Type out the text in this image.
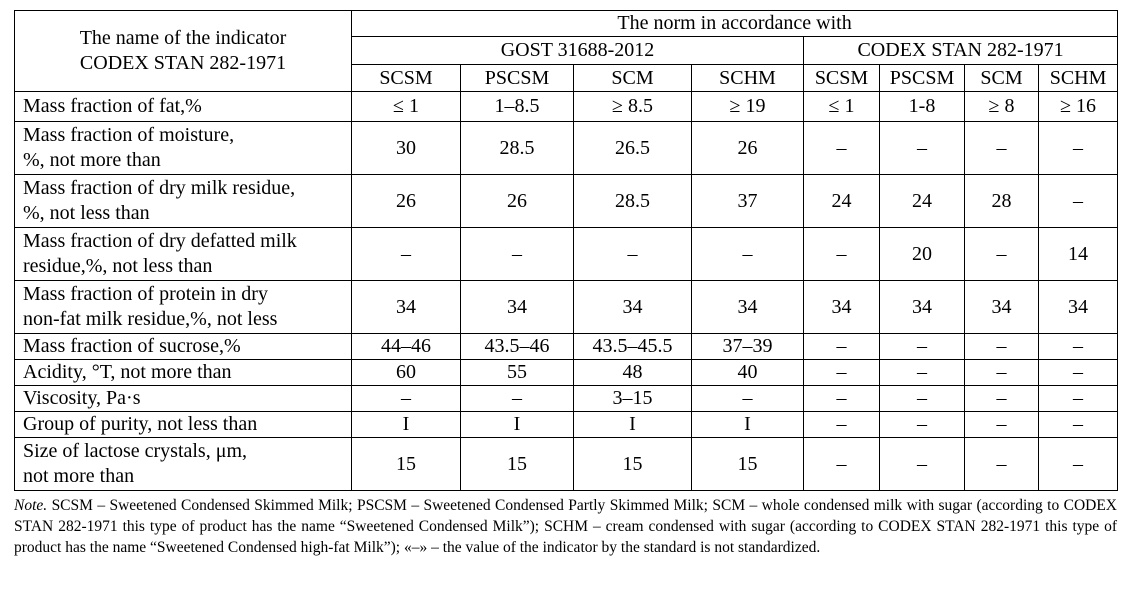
The name of the indicator
CODEX STAN 282-1971	The norm in accordance with							
	GOST 31688-2012				CODEX STAN 282-1971			
	SCSM	PSCSM	SCM	SCHM	SCSM	PSCSM	SCM	SCHM

Mass fraction of fat,%	≤ 1	1–8.5	≥ 8.5	≥ 19	≤ 1	1-8	≥ 8	≥ 16

Mass fraction of moisture,
%, not more than	30	28.5	26.5	26	–	–	–	–

Mass fraction of dry milk residue,
%, not less than	26	26	28.5	37	24	24	28	–

Mass fraction of dry defatted milk
residue,%, not less than	–	–	–	–	–	20	–	14

Mass fraction of protein in dry
non-fat milk residue,%, not less	34	34	34	34	34	34	34	34

Mass fraction of sucrose,%	44–46	43.5–46	43.5–45.5	37–39	–	–	–	–

Acidity, °T, not more than	60	55	48	40	–	–	–	–

Viscosity, Pa·s	–	–	3–15	–	–	–	–	–

Group of purity, not less than	I	I	I	I	–	–	–	–

Size of lactose crystals, μm,
not more than	15	15	15	15	–	–	–	–
Note. SCSM – Sweetened Condensed Skimmed Milk; PSCSM – Sweetened Condensed Partly Skimmed Milk; SCM – whole condensed milk with sugar (according to CODEX STAN 282-1971 this type of product has the name “Sweetened Condensed Milk”); SCHM – cream condensed with sugar (according to CODEX STAN 282-1971 this type of product has the name “Sweetened Condensed high-fat Milk”); «–» – the value of the indicator by the standard is not standardized.
